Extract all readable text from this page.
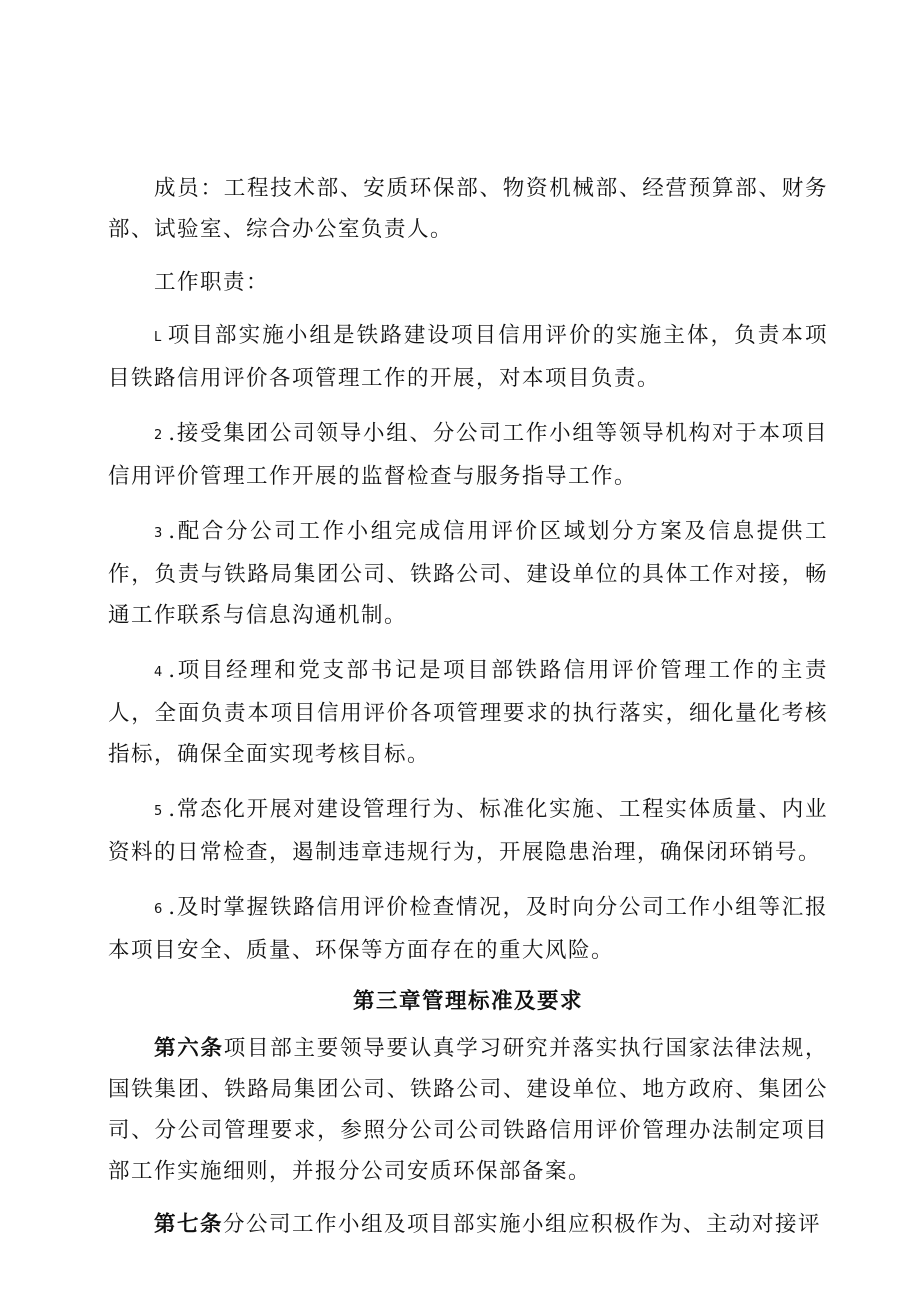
成员：工程技术部、安质环保部、物资机械部、经营预算部、财务部、试验室、综合办公室负责人。

工作职责：

L 项目部实施小组是铁路建设项目信用评价的实施主体，负责本项目铁路信用评价各项管理工作的开展，对本项目负责。

2 .接受集团公司领导小组、分公司工作小组等领导机构对于本项目信用评价管理工作开展的监督检查与服务指导工作。

3 .配合分公司工作小组完成信用评价区域划分方案及信息提供工作，负责与铁路局集团公司、铁路公司、建设单位的具体工作对接，畅通工作联系与信息沟通机制。

4 .项目经理和党支部书记是项目部铁路信用评价管理工作的主责人，全面负责本项目信用评价各项管理要求的执行落实，细化量化考核指标，确保全面实现考核目标。

5 .常态化开展对建设管理行为、标准化实施、工程实体质量、内业资料的日常检查，遏制违章违规行为，开展隐患治理，确保闭环销号。

6 .及时掌握铁路信用评价检查情况，及时向分公司工作小组等汇报本项目安全、质量、环保等方面存在的重大风险。

第三章管理标准及要求

第六条项目部主要领导要认真学习研究并落实执行国家法律法规，国铁集团、铁路局集团公司、铁路公司、建设单位、地方政府、集团公司、分公司管理要求，参照分公司公司铁路信用评价管理办法制定项目部工作实施细则，并报分公司安质环保部备案。

第七条分公司工作小组及项目部实施小组应积极作为、主动对接评
